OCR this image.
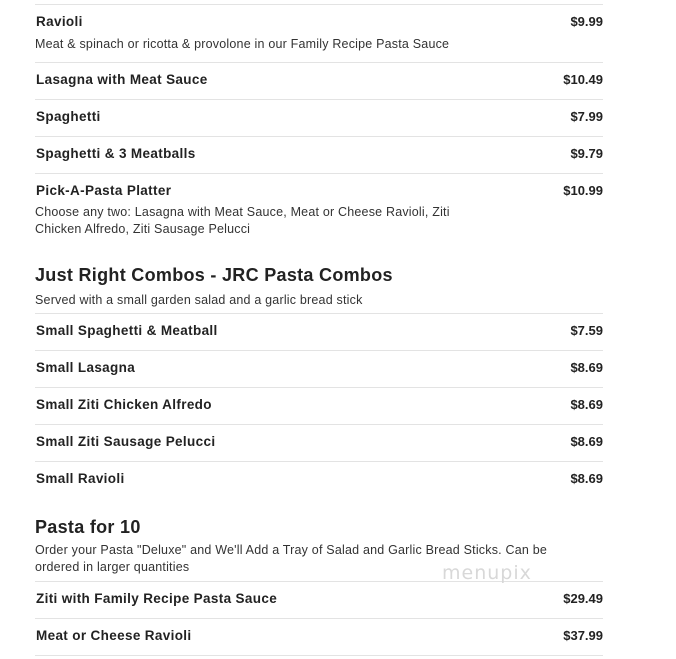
Ravioli	$9.99
Meat & spinach or ricotta & provolone in our Family Recipe Pasta Sauce
Lasagna with Meat Sauce	$10.49
Spaghetti	$7.99
Spaghetti & 3 Meatballs	$9.79
Pick-A-Pasta Platter	$10.99
Choose any two: Lasagna with Meat Sauce, Meat or Cheese Ravioli, Ziti Chicken Alfredo, Ziti Sausage Pelucci
Just Right Combos - JRC Pasta Combos
Served with a small garden salad and a garlic bread stick
Small Spaghetti & Meatball	$7.59
Small Lasagna	$8.69
Small Ziti Chicken Alfredo	$8.69
Small Ziti Sausage Pelucci	$8.69
Small Ravioli	$8.69
Pasta for 10
Order your Pasta "Deluxe" and We'll Add a Tray of Salad and Garlic Bread Sticks. Can be ordered in larger quantities
Ziti with Family Recipe Pasta Sauce	$29.49
Meat or Cheese Ravioli	$37.99
menupix
